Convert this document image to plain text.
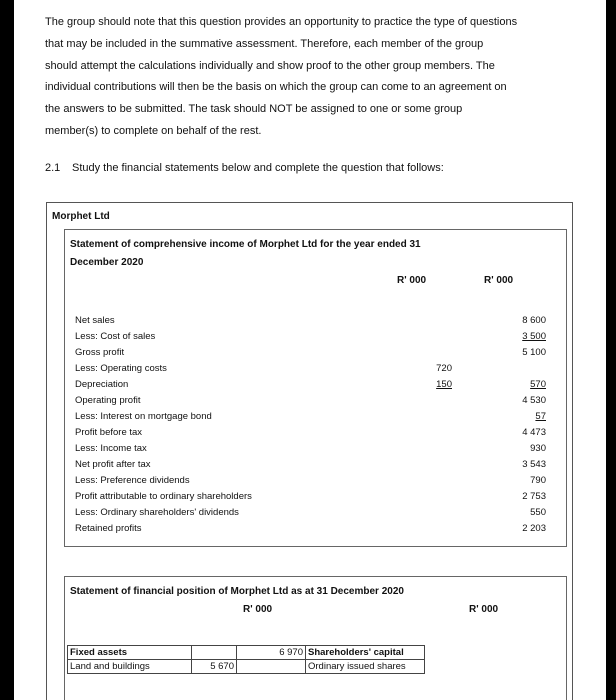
The group should note that this question provides an opportunity to practice the type of questions
that may be included in the summative assessment. Therefore, each member of the group
should attempt the calculations individually and show proof to the other group members. The
individual contributions will then be the basis on which the group can come to an agreement on
the answers to be submitted. The task should NOT be assigned to one or some group
member(s) to complete on behalf of the rest.

2.1 Study the financial statements below and complete the question that follows:
Morphet Ltd
Statement of comprehensive income of Morphet Ltd for the year ended 31 December 2020
R' 000	R' 000
Net sales	8 600
Less: Cost of sales	3 500
Gross profit	5 100
Less: Operating costs	720
Depreciation	150	570
Operating profit	4 530
Less: Interest on mortgage bond	57
Profit before tax	4 473
Less: Income tax	930
Net profit after tax	3 543
Less: Preference dividends	790
Profit attributable to ordinary shareholders	2 753
Less: Ordinary shareholders' dividends	550
Retained profits	2 203
Statement of financial position of Morphet Ltd as at 31 December 2020
R' 000	R' 000
Fixed assets		6 970	Shareholders' capital
Land and buildings	5 670		Ordinary issued shares
